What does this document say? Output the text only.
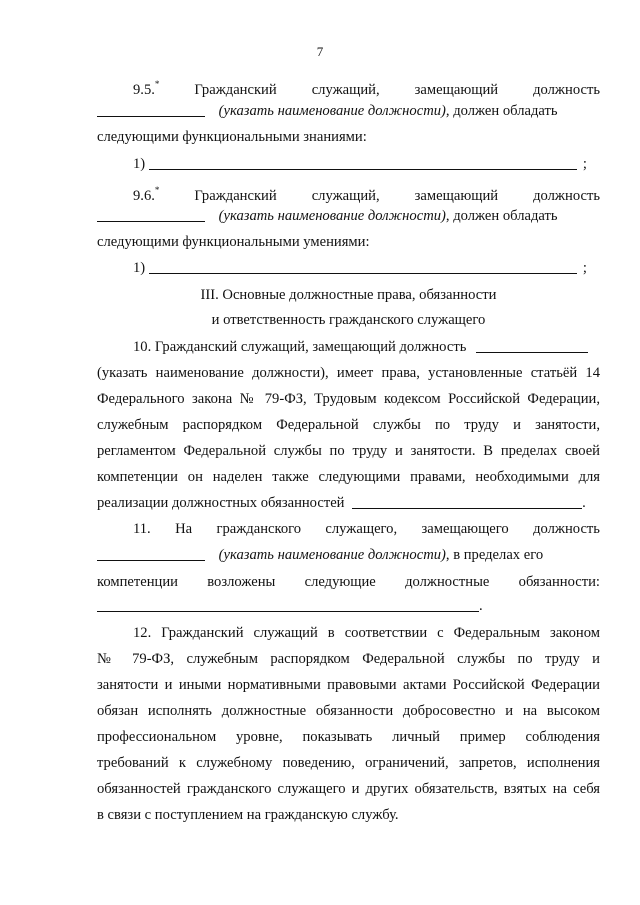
7
9.5.* Гражданский служащий, замещающий должность
(указать наименование должности), должен обладать
следующими функциональными знаниями:
1)	;
9.6.* Гражданский служащий, замещающий должность
(указать наименование должности), должен обладать
следующими функциональными умениями:
1)	;
III. Основные должностные права, обязанности
и ответственность гражданского служащего
10. Гражданский служащий, замещающий должность
(указать наименование должности), имеет права, установленные статьёй 14
Федерального закона № 79-ФЗ, Трудовым кодексом Российской Федерации,
служебным распорядком Федеральной службы по труду и занятости,
регламентом Федеральной службы по труду и занятости. В пределах своей
компетенции он наделен также следующими правами, необходимыми для
реализации должностных обязанностей	.
11. На гражданского служащего, замещающего должность
(указать наименование должности), в пределах его
компетенции возложены следующие должностные обязанности:
.
12. Гражданский служащий в соответствии с Федеральным законом
№ 79-ФЗ, служебным распорядком Федеральной службы по труду и
занятости и иными нормативными правовыми актами Российской Федерации
обязан исполнять должностные обязанности добросовестно и на высоком
профессиональном уровне, показывать личный пример соблюдения
требований к служебному поведению, ограничений, запретов, исполнения
обязанностей гражданского служащего и других обязательств, взятых на себя
в связи с поступлением на гражданскую службу.
